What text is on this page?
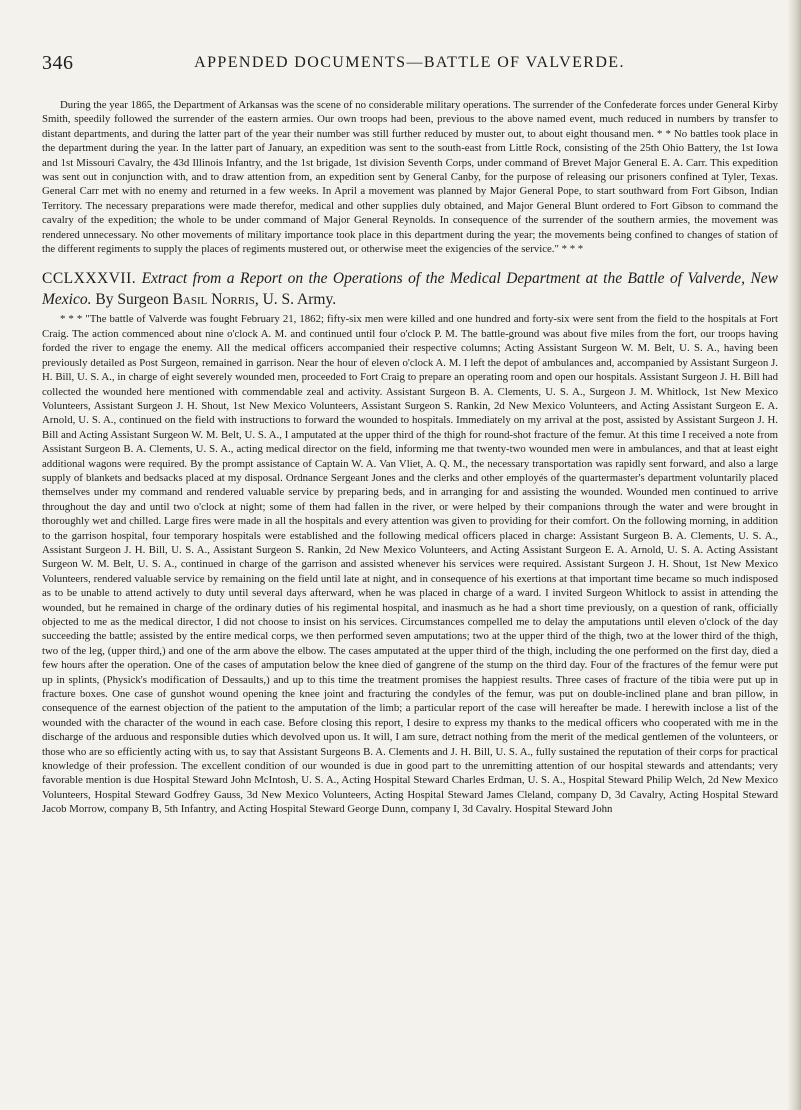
346	APPENDED DOCUMENTS—BATTLE OF VALVERDE.

During the year 1865, the Department of Arkansas was the scene of no considerable military operations. The surrender of the Confederate forces under General Kirby Smith, speedily followed the surrender of the eastern armies. Our own troops had been, previous to the above named event, much reduced in numbers by transfer to distant departments, and during the latter part of the year their number was still further reduced by muster out, to about eight thousand men. * * No battles took place in the department during the year. In the latter part of January, an expedition was sent to the south-east from Little Rock, consisting of the 25th Ohio Battery, the 1st Iowa and 1st Missouri Cavalry, the 43d Illinois Infantry, and the 1st brigade, 1st division Seventh Corps, under command of Brevet Major General E. A. Carr. This expedition was sent out in conjunction with, and to draw attention from, an expedition sent by General Canby, for the purpose of releasing our prisoners confined at Tyler, Texas. General Carr met with no enemy and returned in a few weeks. In April a movement was planned by Major General Pope, to start southward from Fort Gibson, Indian Territory. The necessary preparations were made therefor, medical and other supplies duly obtained, and Major General Blunt ordered to Fort Gibson to command the cavalry of the expedition; the whole to be under command of Major General Reynolds. In consequence of the surrender of the southern armies, the movement was rendered unnecessary. No other movements of military importance took place in this department during the year; the movements being confined to changes of station of the different regiments to supply the places of regiments mustered out, or otherwise meet the exigencies of the service." * * *

CCLXXXVII. Extract from a Report on the Operations of the Medical Department at the Battle of Valverde, New Mexico. By Surgeon Basil Norris, U. S. Army.

* * * "The battle of Valverde was fought February 21, 1862; fifty-six men were killed and one hundred and forty-six were sent from the field to the hospitals at Fort Craig. The action commenced about nine o'clock A. M. and continued until four o'clock P. M. The battle-ground was about five miles from the fort, our troops having forded the river to engage the enemy. All the medical officers accompanied their respective columns; Acting Assistant Surgeon W. M. Belt, U. S. A., having been previously detailed as Post Surgeon, remained in garrison. Near the hour of eleven o'clock A. M. I left the depot of ambulances and, accompanied by Assistant Surgeon J. H. Bill, U. S. A., in charge of eight severely wounded men, proceeded to Fort Craig to prepare an operating room and open our hospitals. Assistant Surgeon J. H. Bill had collected the wounded here mentioned with commendable zeal and activity. Assistant Surgeon B. A. Clements, U. S. A., Surgeon J. M. Whitlock, 1st New Mexico Volunteers, Assistant Surgeon J. H. Shout, 1st New Mexico Volunteers, Assistant Surgeon S. Rankin, 2d New Mexico Volunteers, and Acting Assistant Surgeon E. A. Arnold, U. S. A., continued on the field with instructions to forward the wounded to hospitals. Immediately on my arrival at the post, assisted by Assistant Surgeon J. H. Bill and Acting Assistant Surgeon W. M. Belt, U. S. A., I amputated at the upper third of the thigh for round-shot fracture of the femur. At this time I received a note from Assistant Surgeon B. A. Clements, U. S. A., acting medical director on the field, informing me that twenty-two wounded men were in ambulances, and that at least eight additional wagons were required. By the prompt assistance of Captain W. A. Van Vliet, A. Q. M., the necessary transportation was rapidly sent forward, and also a large supply of blankets and bedsacks placed at my disposal. Ordnance Sergeant Jones and the clerks and other employés of the quartermaster's department voluntarily placed themselves under my command and rendered valuable service by preparing beds, and in arranging for and assisting the wounded. Wounded men continued to arrive throughout the day and until two o'clock at night; some of them had fallen in the river, or were helped by their companions through the water and were brought in thoroughly wet and chilled. Large fires were made in all the hospitals and every attention was given to providing for their comfort. On the following morning, in addition to the garrison hospital, four temporary hospitals were established and the following medical officers placed in charge: Assistant Surgeon B. A. Clements, U. S. A., Assistant Surgeon J. H. Bill, U. S. A., Assistant Surgeon S. Rankin, 2d New Mexico Volunteers, and Acting Assistant Surgeon E. A. Arnold, U. S. A. Acting Assistant Surgeon W. M. Belt, U. S. A., continued in charge of the garrison and assisted whenever his services were required. Assistant Surgeon J. H. Shout, 1st New Mexico Volunteers, rendered valuable service by remaining on the field until late at night, and in consequence of his exertions at that important time became so much indisposed as to be unable to attend actively to duty until several days afterward, when he was placed in charge of a ward. I invited Surgeon Whitlock to assist in attending the wounded, but he remained in charge of the ordinary duties of his regimental hospital, and inasmuch as he had a short time previously, on a question of rank, officially objected to me as the medical director, I did not choose to insist on his services. Circumstances compelled me to delay the amputations until eleven o'clock of the day succeeding the battle; assisted by the entire medical corps, we then performed seven amputations; two at the upper third of the thigh, two at the lower third of the thigh, two of the leg, (upper third,) and one of the arm above the elbow. The cases amputated at the upper third of the thigh, including the one performed on the first day, died a few hours after the operation. One of the cases of amputation below the knee died of gangrene of the stump on the third day. Four of the fractures of the femur were put up in splints, (Physick's modification of Dessaults,) and up to this time the treatment promises the happiest results. Three cases of fracture of the tibia were put up in fracture boxes. One case of gunshot wound opening the knee joint and fracturing the condyles of the femur, was put on double-inclined plane and bran pillow, in consequence of the earnest objection of the patient to the amputation of the limb; a particular report of the case will hereafter be made. I herewith inclose a list of the wounded with the character of the wound in each case. Before closing this report, I desire to express my thanks to the medical officers who cooperated with me in the discharge of the arduous and responsible duties which devolved upon us. It will, I am sure, detract nothing from the merit of the medical gentlemen of the volunteers, or those who are so efficiently acting with us, to say that Assistant Surgeons B. A. Clements and J. H. Bill, U. S. A., fully sustained the reputation of their corps for practical knowledge of their profession. The excellent condition of our wounded is due in good part to the unremitting attention of our hospital stewards and attendants; very favorable mention is due Hospital Steward John McIntosh, U. S. A., Acting Hospital Steward Charles Erdman, U. S. A., Hospital Steward Philip Welch, 2d New Mexico Volunteers, Hospital Steward Godfrey Gauss, 3d New Mexico Volunteers, Acting Hospital Steward James Cleland, company D, 3d Cavalry, Acting Hospital Steward Jacob Morrow, company B, 5th Infantry, and Acting Hospital Steward George Dunn, company I, 3d Cavalry. Hospital Steward John
